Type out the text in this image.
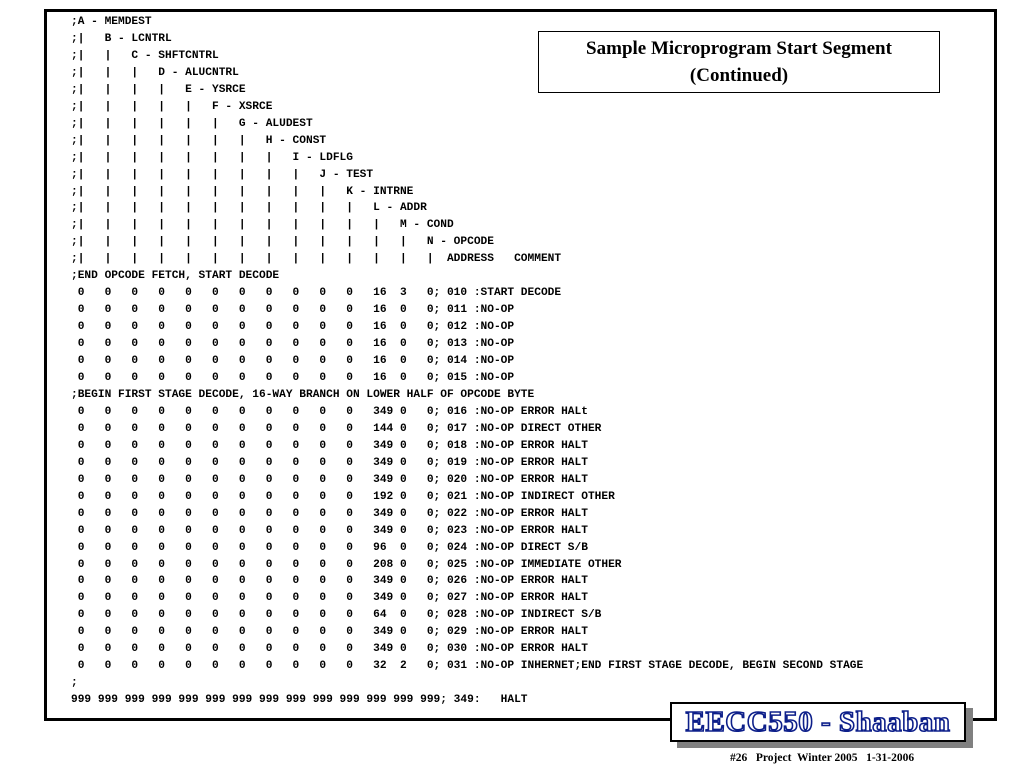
;A - MEMDEST
;|   B - LCNTRL
;|   |   C - SHFTCNTRL
;|   |   |   D - ALUCNTRL
;|   |   |   |   E - YSRCE
;|   |   |   |   |   F - XSRCE
;|   |   |   |   |   |   G - ALUDEST
;|   |   |   |   |   |   |   H - CONST
;|   |   |   |   |   |   |   |   I - LDFLG
;|   |   |   |   |   |   |   |   |   J - TEST
;|   |   |   |   |   |   |   |   |   |   K - INTRNE
;|   |   |   |   |   |   |   |   |   |   |   L - ADDR
;|   |   |   |   |   |   |   |   |   |   |   |   M - COND
;|   |   |   |   |   |   |   |   |   |   |   |   |   N - OPCODE
;|   |   |   |   |   |   |   |   |   |   |   |   |   |  ADDRESS   COMMENT
;END OPCODE FETCH, START DECODE
0   0   0   0   0   0   0   0   0   0   0   16  3   0; 010 :START DECODE
0   0   0   0   0   0   0   0   0   0   0   16  0   0; 011 :NO-OP
0   0   0   0   0   0   0   0   0   0   0   16  0   0; 012 :NO-OP
0   0   0   0   0   0   0   0   0   0   0   16  0   0; 013 :NO-OP
0   0   0   0   0   0   0   0   0   0   0   16  0   0; 014 :NO-OP
0   0   0   0   0   0   0   0   0   0   0   16  0   0; 015 :NO-OP
;BEGIN FIRST STAGE DECODE, 16-WAY BRANCH ON LOWER HALF OF OPCODE BYTE
0   0   0   0   0   0   0   0   0   0   0   349 0   0; 016 :NO-OP ERROR HALt
0   0   0   0   0   0   0   0   0   0   0   144 0   0; 017 :NO-OP DIRECT OTHER
0   0   0   0   0   0   0   0   0   0   0   349 0   0; 018 :NO-OP ERROR HALT
0   0   0   0   0   0   0   0   0   0   0   349 0   0; 019 :NO-OP ERROR HALT
0   0   0   0   0   0   0   0   0   0   0   349 0   0; 020 :NO-OP ERROR HALT
0   0   0   0   0   0   0   0   0   0   0   192 0   0; 021 :NO-OP INDIRECT OTHER
0   0   0   0   0   0   0   0   0   0   0   349 0   0; 022 :NO-OP ERROR HALT
0   0   0   0   0   0   0   0   0   0   0   349 0   0; 023 :NO-OP ERROR HALT
0   0   0   0   0   0   0   0   0   0   0   96  0   0; 024 :NO-OP DIRECT S/B
0   0   0   0   0   0   0   0   0   0   0   208 0   0; 025 :NO-OP IMMEDIATE OTHER
0   0   0   0   0   0   0   0   0   0   0   349 0   0; 026 :NO-OP ERROR HALT
0   0   0   0   0   0   0   0   0   0   0   349 0   0; 027 :NO-OP ERROR HALT
0   0   0   0   0   0   0   0   0   0   0   64  0   0; 028 :NO-OP INDIRECT S/B
0   0   0   0   0   0   0   0   0   0   0   349 0   0; 029 :NO-OP ERROR HALT
0   0   0   0   0   0   0   0   0   0   0   349 0   0; 030 :NO-OP ERROR HALT
0   0   0   0   0   0   0   0   0   0   0   32  2   0; 031 :NO-OP INHERNET;END FIRST STAGE DECODE, BEGIN SECOND STAGE
;
999 999 999 999 999 999 999 999 999 999 999 999 999 999; 349:   HALT
Sample Microprogram Start Segment
(Continued)
EECC550 - Shaaban
#26   Project  Winter 2005   1-31-2006
